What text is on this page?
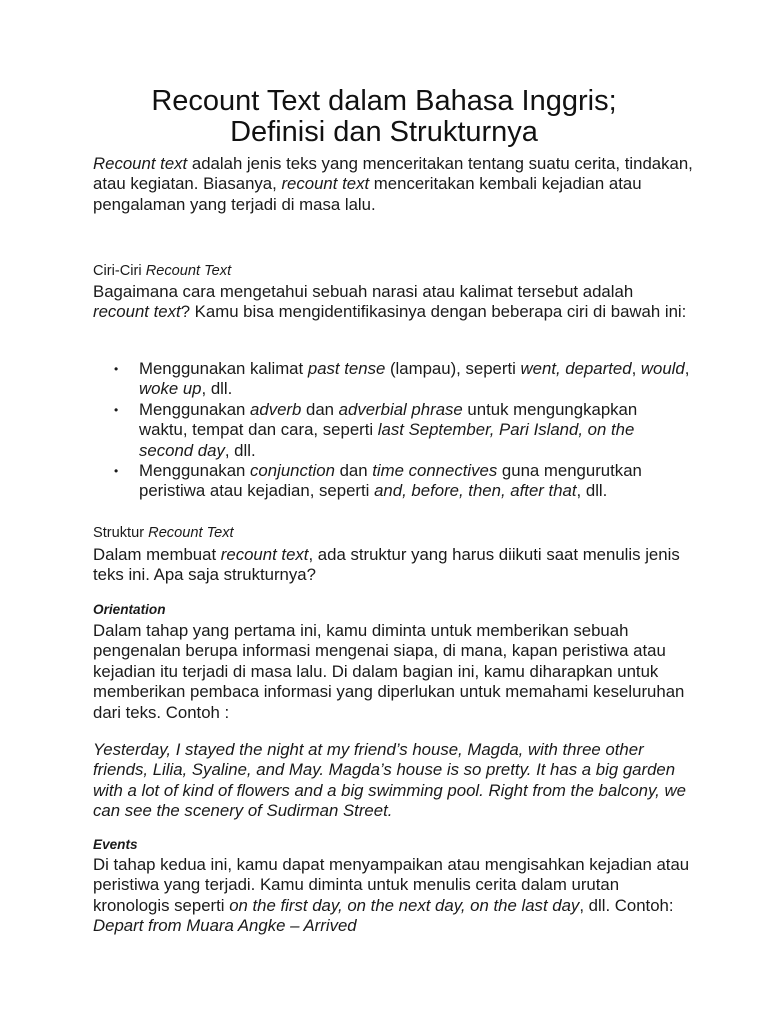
Recount Text dalam Bahasa Inggris;
Definisi dan Strukturnya

Recount text adalah jenis teks yang menceritakan tentang suatu cerita, tindakan, atau kegiatan. Biasanya, recount text menceritakan kembali kejadian atau pengalaman yang terjadi di masa lalu.

Ciri-Ciri Recount Text

Bagaimana cara mengetahui sebuah narasi atau kalimat tersebut adalah recount text? Kamu bisa mengidentifikasinya dengan beberapa ciri di bawah ini:

• Menggunakan kalimat past tense (lampau), seperti went, departed, would, woke up, dll.
• Menggunakan adverb dan adverbial phrase untuk mengungkapkan waktu, tempat dan cara, seperti last September, Pari Island, on the second day, dll.
• Menggunakan conjunction dan time connectives guna mengurutkan peristiwa atau kejadian, seperti and, before, then, after that, dll.

Struktur Recount Text

Dalam membuat recount text, ada struktur yang harus diikuti saat menulis jenis teks ini. Apa saja strukturnya?

Orientation

Dalam tahap yang pertama ini, kamu diminta untuk memberikan sebuah pengenalan berupa informasi mengenai siapa, di mana, kapan peristiwa atau kejadian itu terjadi di masa lalu. Di dalam bagian ini, kamu diharapkan untuk memberikan pembaca informasi yang diperlukan untuk memahami keseluruhan dari teks. Contoh :

Yesterday, I stayed the night at my friend’s house, Magda, with three other friends, Lilia, Syaline, and May. Magda’s house is so pretty. It has a big garden with a lot of kind of flowers and a big swimming pool. Right from the balcony, we can see the scenery of Sudirman Street.

Events

Di tahap kedua ini, kamu dapat menyampaikan atau mengisahkan kejadian atau peristiwa yang terjadi. Kamu diminta untuk menulis cerita dalam urutan kronologis seperti on the first day, on the next day, on the last day, dll. Contoh: Depart from Muara Angke – Arrived
